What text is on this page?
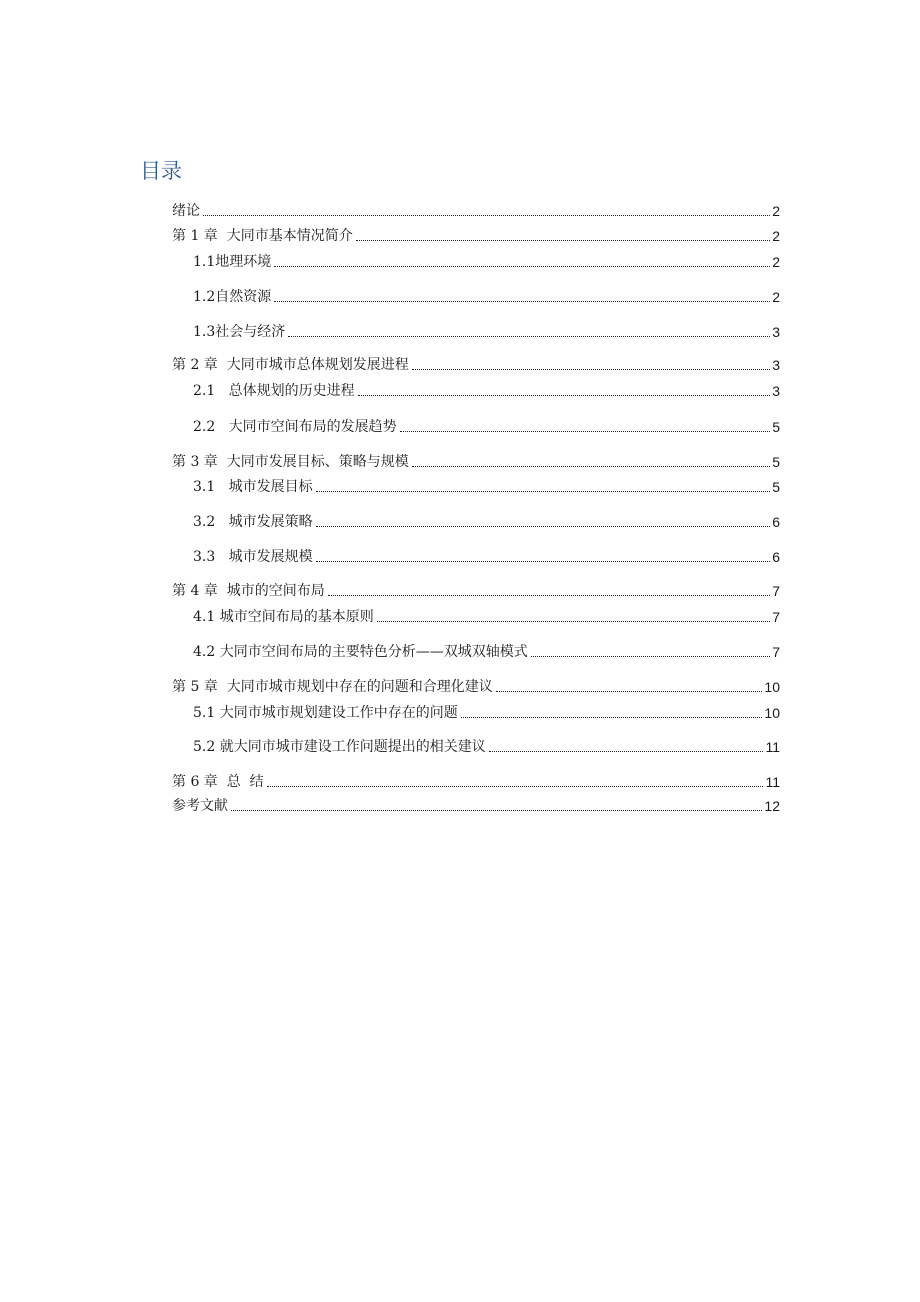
目录
绪论	2
第 1 章  大同市基本情况简介	2
1.1地理环境	2
1.2自然资源	2
1.3社会与经济	3
第 2 章  大同市城市总体规划发展进程	3
2.1   总体规划的历史进程	3
2.2   大同市空间布局的发展趋势	5
第 3 章  大同市发展目标、策略与规模	5
3.1   城市发展目标	5
3.2   城市发展策略	6
3.3   城市发展规模	6
第 4 章  城市的空间布局	7
4.1 城市空间布局的基本原则	7
4.2 大同市空间布局的主要特色分析——双城双轴模式	7
第 5 章  大同市城市规划中存在的问题和合理化建议	10
5.1 大同市城市规划建设工作中存在的问题	10
5.2 就大同市城市建设工作问题提出的相关建议	11
第 6 章  总  结	11
参考文献	12
